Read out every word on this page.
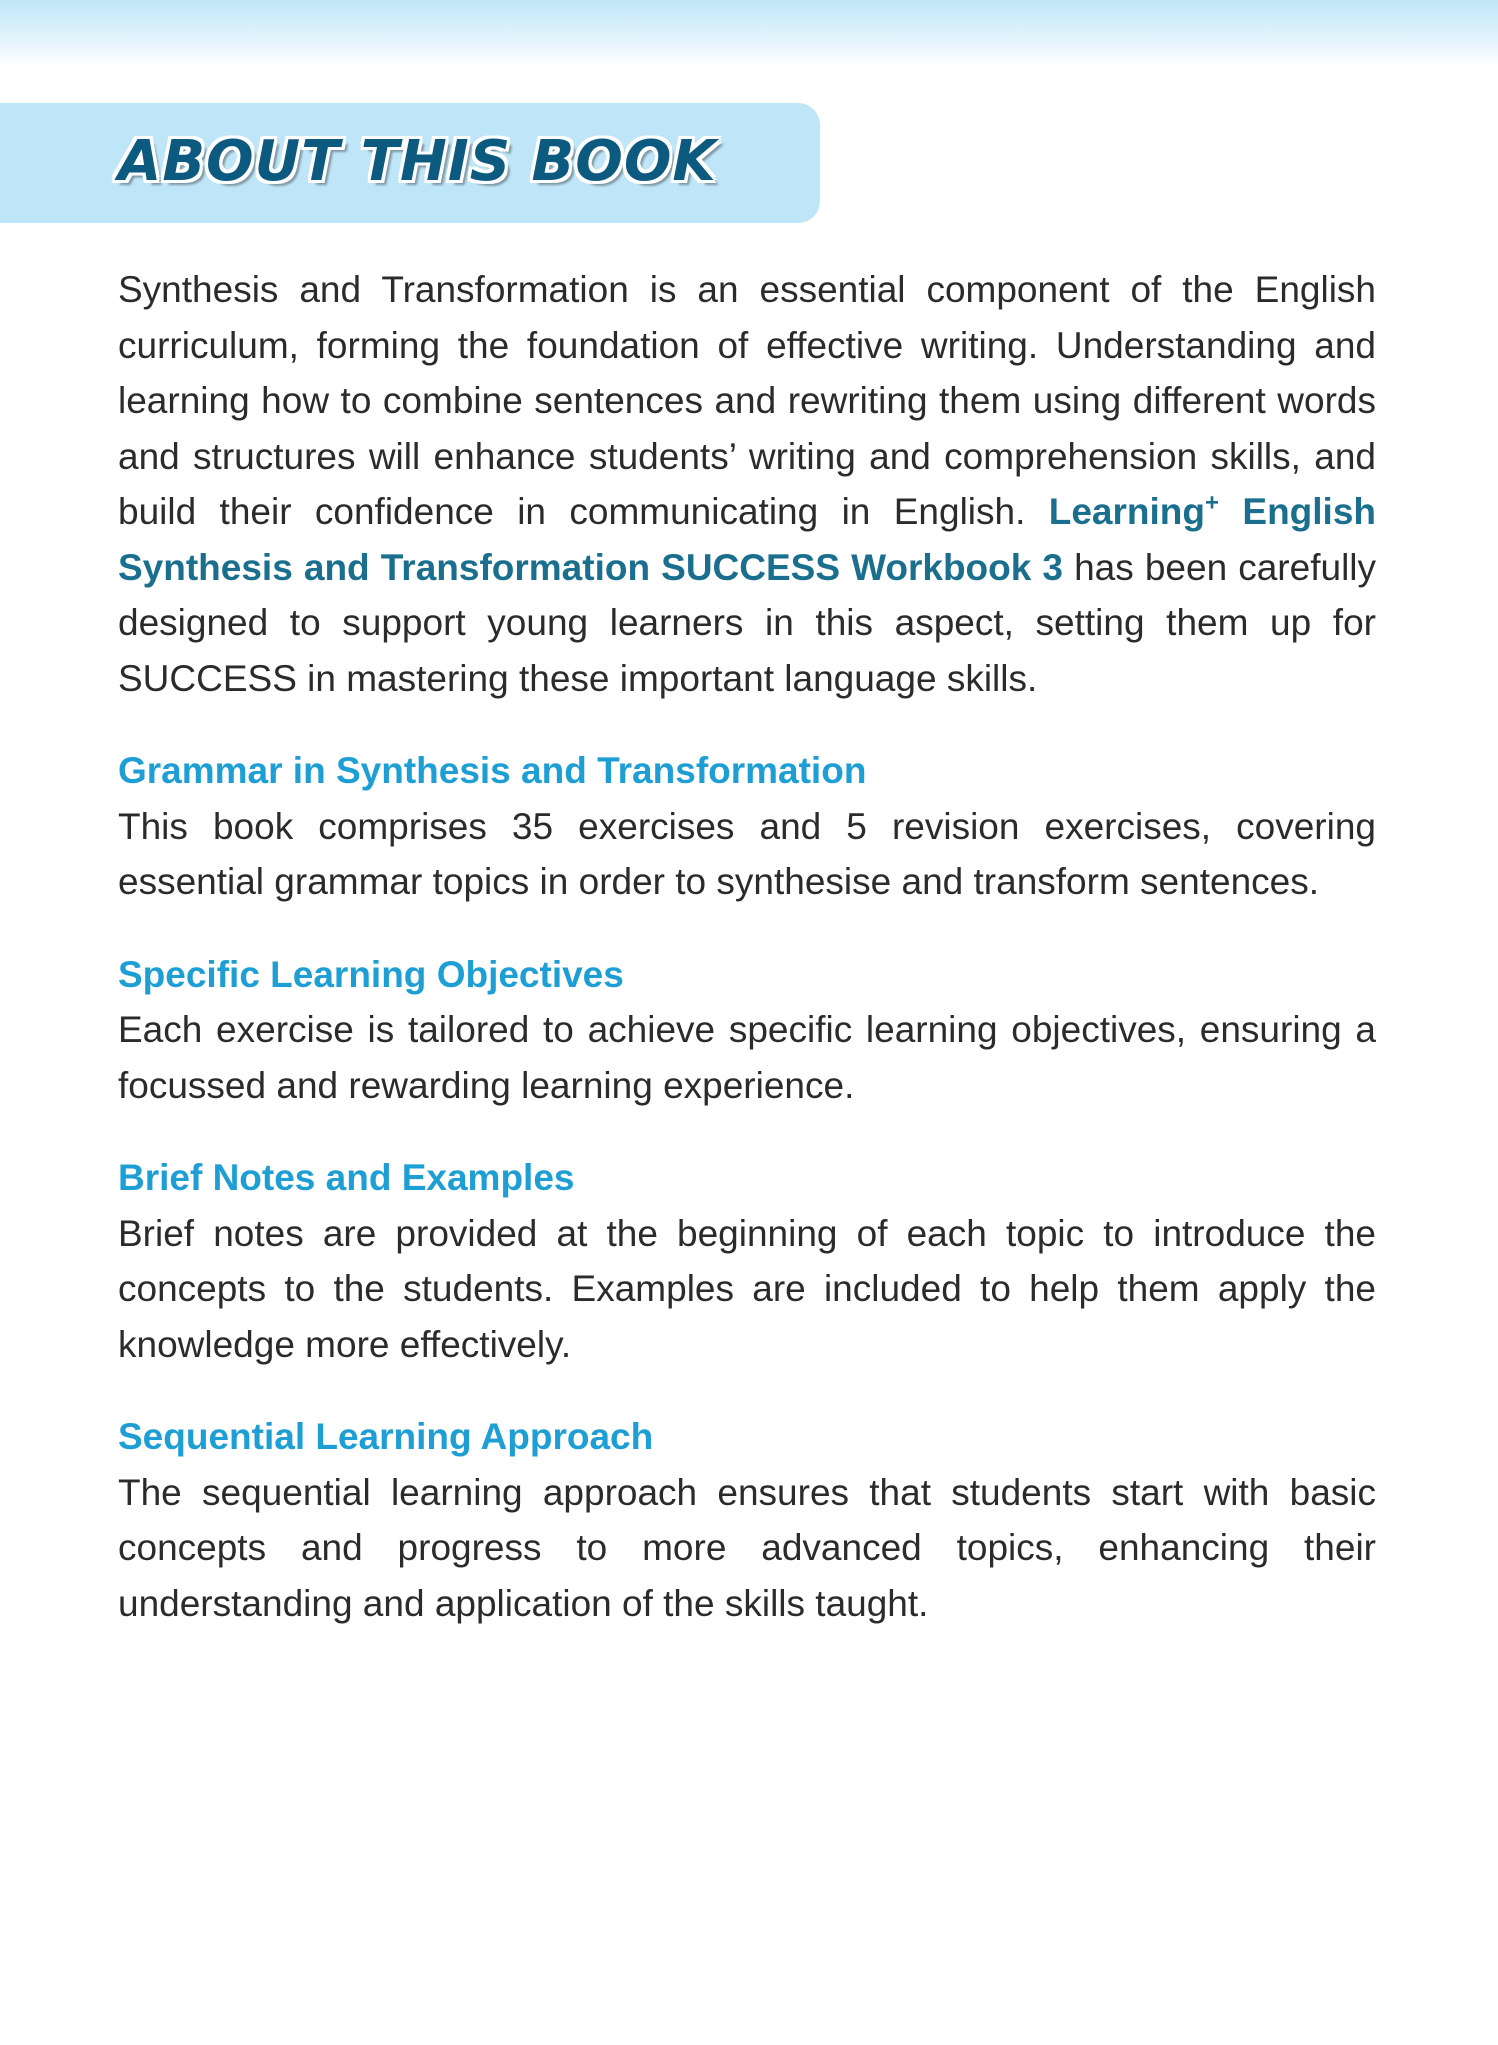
ABOUT THIS BOOK

Synthesis and Transformation is an essential component of the English curriculum, forming the foundation of effective writing. Understanding and learning how to combine sentences and rewriting them using different words and structures will enhance students’ writing and comprehension skills, and build their confidence in communicating in English. Learning+ English Synthesis and Transformation SUCCESS Workbook 3 has been carefully designed to support young learners in this aspect, setting them up for SUCCESS in mastering these important language skills.

Grammar in Synthesis and Transformation

This book comprises 35 exercises and 5 revision exercises, covering essential grammar topics in order to synthesise and transform sentences.

Specific Learning Objectives

Each exercise is tailored to achieve specific learning objectives, ensuring a focussed and rewarding learning experience.

Brief Notes and Examples

Brief notes are provided at the beginning of each topic to introduce the concepts to the students. Examples are included to help them apply the knowledge more effectively.

Sequential Learning Approach

The sequential learning approach ensures that students start with basic concepts and progress to more advanced topics, enhancing their understanding and application of the skills taught.
